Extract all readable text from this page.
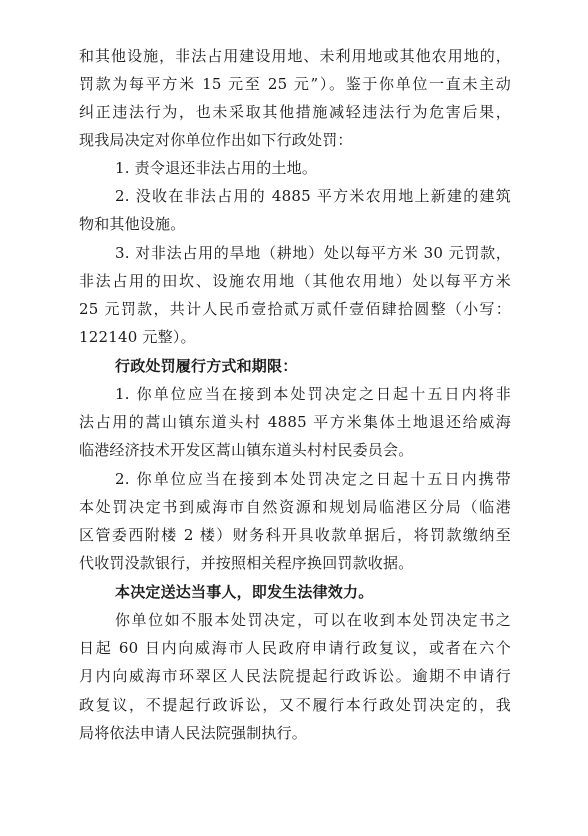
和其他设施，非法占用建设用地、未利用地或其他农用地的，
罚款为每平方米 15 元至 25 元”）。鉴于你单位一直未主动
纠正违法行为，也未采取其他措施减轻违法行为危害后果，
现我局决定对你单位作出如下行政处罚：
1. 责令退还非法占用的土地。
2. 没收在非法占用的 4885 平方米农用地上新建的建筑
物和其他设施。
3. 对非法占用的旱地（耕地）处以每平方米 30 元罚款，
非法占用的田坎、设施农用地（其他农用地）处以每平方米
25 元罚款，共计人民币壹拾贰万贰仟壹佰肆拾圆整（小写：
122140 元整）。
行政处罚履行方式和期限：
1. 你单位应当在接到本处罚决定之日起十五日内将非
法占用的蒿山镇东道头村 4885 平方米集体土地退还给威海
临港经济技术开发区蒿山镇东道头村村民委员会。
2. 你单位应当在接到本处罚决定之日起十五日内携带
本处罚决定书到威海市自然资源和规划局临港区分局（临港
区管委西附楼 2 楼）财务科开具收款单据后，将罚款缴纳至
代收罚没款银行，并按照相关程序换回罚款收据。
本决定送达当事人，即发生法律效力。
你单位如不服本处罚决定，可以在收到本处罚决定书之
日起 60 日内向威海市人民政府申请行政复议，或者在六个
月内向威海市环翠区人民法院提起行政诉讼。逾期不申请行
政复议，不提起行政诉讼，又不履行本行政处罚决定的，我
局将依法申请人民法院强制执行。
